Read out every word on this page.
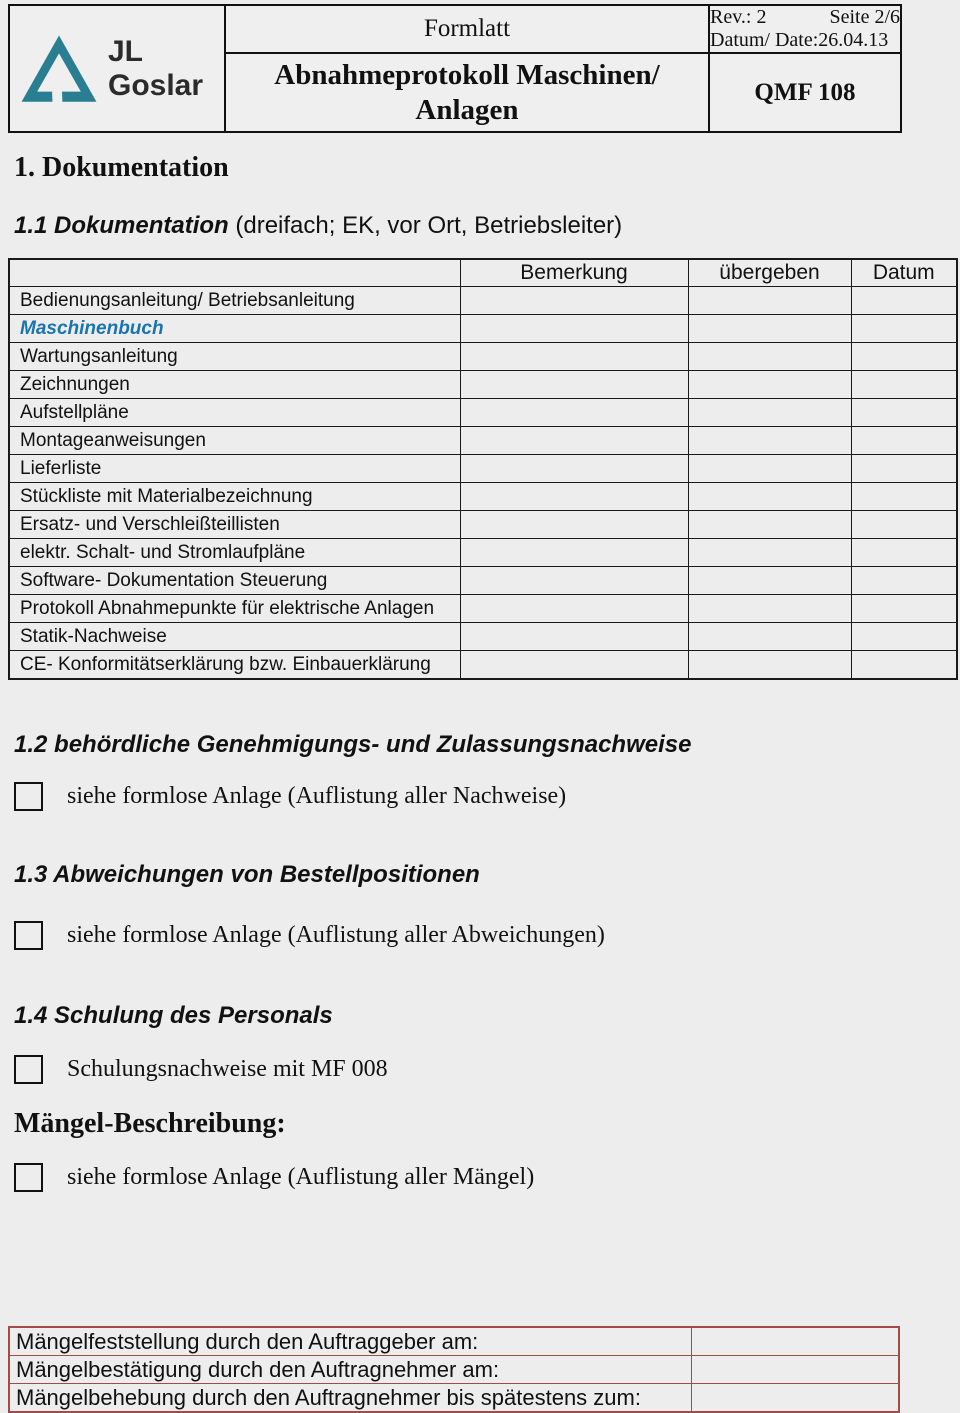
JL Goslar	Formlatt	Rev.: 2 Seite 2/6
Datum/ Date:26.04.13

	Abnahmeprotokoll Maschinen/
Anlagen	QMF 108
1. Dokumentation
1.1 Dokumentation (dreifach; EK, vor Ort, Betriebsleiter)
	Bemerkung	übergeben	Datum
Bedienungsanleitung/ Betriebsanleitung			
Maschinenbuch			
Wartungsanleitung			
Zeichnungen			
Aufstellpläne			
Montageanweisungen			
Lieferliste			
Stückliste mit Materialbezeichnung			
Ersatz- und Verschleißteillisten			
elektr. Schalt- und Stromlaufpläne			
Software- Dokumentation Steuerung			
Protokoll Abnahmepunkte für elektrische Anlagen			
Statik-Nachweise			
CE- Konformitätserklärung bzw. Einbauerklärung			
1.2 behördliche Genehmigungs- und Zulassungsnachweise
siehe formlose Anlage (Auflistung aller Nachweise)
1.3 Abweichungen von Bestellpositionen
siehe formlose Anlage (Auflistung aller Abweichungen)
1.4 Schulung des Personals
Schulungsnachweise mit MF 008
Mängel-Beschreibung:
siehe formlose Anlage (Auflistung aller Mängel)
Mängelfeststellung durch den Auftraggeber am:	
Mängelbestätigung durch den Auftragnehmer am:	
Mängelbehebung durch den Auftragnehmer bis spätestens zum:	
